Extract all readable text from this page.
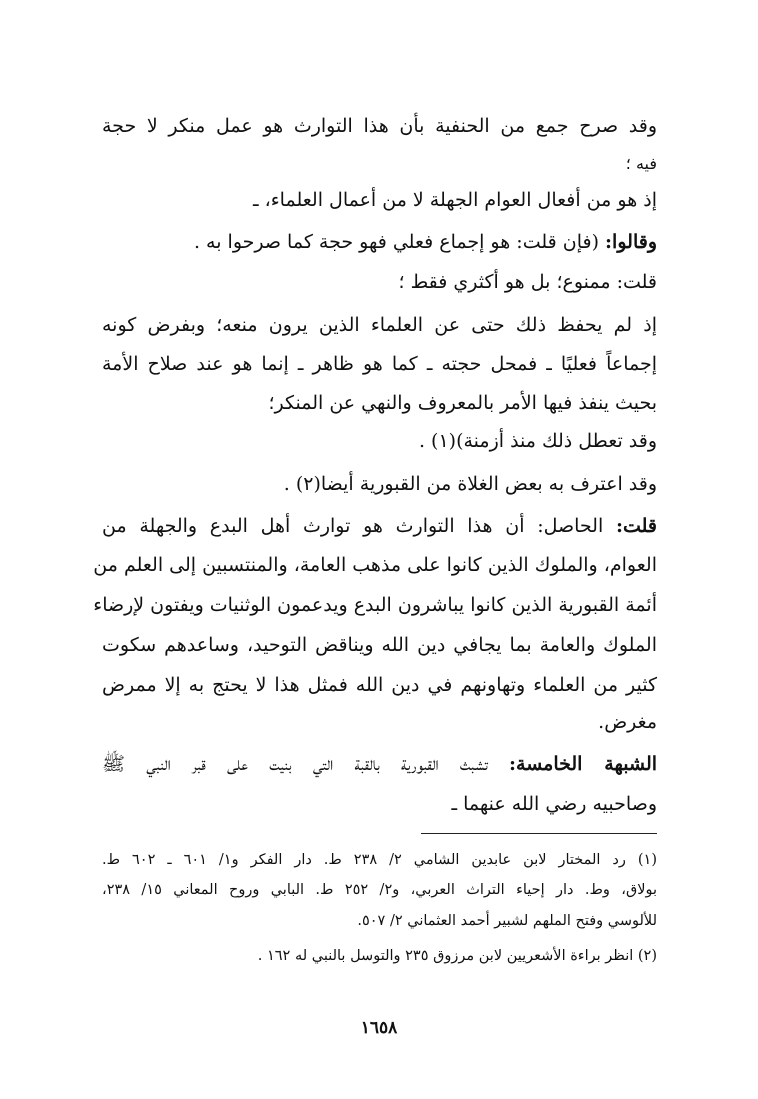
وقد صرح جمع من الحنفية بأن هذا التوارث هو عمل منكر لا حجة
فيه ؛
إذ هو من أفعال العوام الجهلة لا من أعمال العلماء، ـ
وقالوا: (فإن قلت: هو إجماع فعلي فهو حجة كما صرحوا به .
قلت: ممنوع؛ بل هو أكثري فقط ؛
إذ لم يحفظ ذلك حتى عن العلماء الذين يرون منعه؛ وبفرض كونه
إجماعاً فعليًا ـ فمحل حجته ـ كما هو ظاهر ـ إنما هو عند صلاح الأمة
بحيث ينفذ فيها الأمر بالمعروف والنهي عن المنكر؛
وقد تعطل ذلك منذ أزمنة)(١) .
وقد اعترف به بعض الغلاة من القبورية أيضا(٢) .
قلت: الحاصل: أن هذا التوارث هو توارث أهل البدع والجهلة من
العوام، والملوك الذين كانوا على مذهب العامة، والمنتسبين إلى العلم من
أئمة القبورية الذين كانوا يباشرون البدع ويدعمون الوثنيات ويفتون لإرضاء
الملوك والعامة بما يجافي دين الله ويناقض التوحيد، وساعدهم سكوت
كثير من العلماء وتهاونهم في دين الله فمثل هذا لا يحتج به إلا ممرض
مغرض.
الشبهة الخامسة: تشبث القبورية بالقبة التي بنيت على قبر النبي ﷺ
وصاحبيه رضي الله عنهما ـ
(١) رد المختار لابن عابدين الشامي ٢/ ٢٣٨ ط. دار الفكر و١/ ٦٠١ ـ ٦٠٢ ط.
بولاق، وط. دار إحياء التراث العربي، و٢/ ٢٥٢ ط. البابي وروح المعاني ١٥/ ٢٣٨،
للألوسي وفتح الملهم لشبير أحمد العثماني ٢/ ٥٠٧.
(٢) انظر براءة الأشعريين لابن مرزوق ٢٣٥ والتوسل بالنبي له ١٦٢ .
١٦٥٨
